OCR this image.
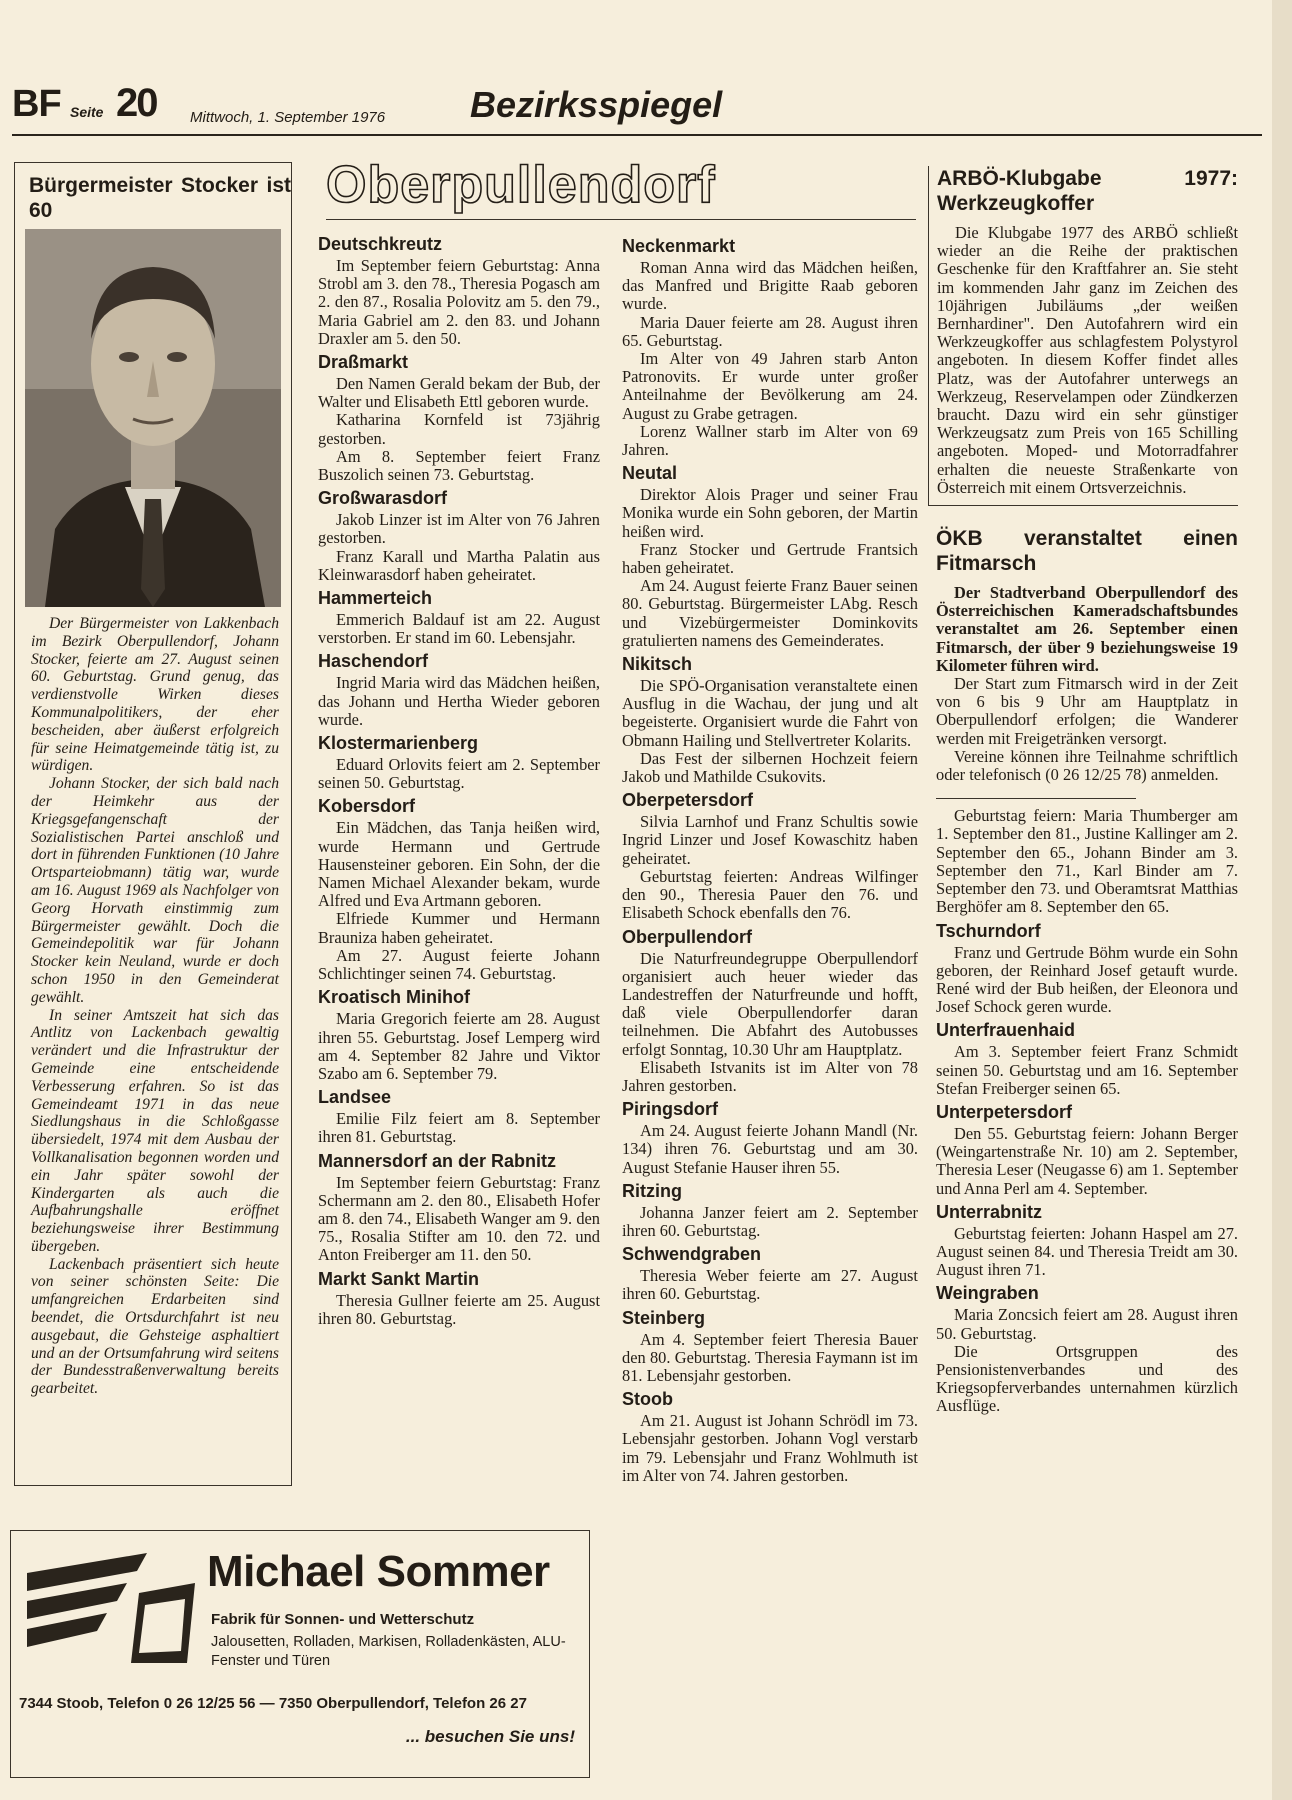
BF Seite 20 Mittwoch, 1. September 1976 Bezirksspiegel
Bürgermeister Stocker ist 60

Der Bürgermeister von Lakkenbach im Bezirk Oberpullendorf, Johann Stocker, feierte am 27. August seinen 60. Geburtstag. Grund genug, das verdienstvolle Wirken dieses Kommunalpolitikers, der eher bescheiden, aber äußerst erfolgreich für seine Heimatgemeinde tätig ist, zu würdigen.

Johann Stocker, der sich bald nach der Heimkehr aus der Kriegsgefangenschaft der Sozialistischen Partei anschloß und dort in führenden Funktionen (10 Jahre Ortsparteiobmann) tätig war, wurde am 16. August 1969 als Nachfolger von Georg Horvath einstimmig zum Bürgermeister gewählt. Doch die Gemeindepolitik war für Johann Stocker kein Neuland, wurde er doch schon 1950 in den Gemeinderat gewählt.

In seiner Amtszeit hat sich das Antlitz von Lackenbach gewaltig verändert und die Infrastruktur der Gemeinde eine entscheidende Verbesserung erfahren. So ist das Gemeindeamt 1971 in das neue Siedlungshaus in die Schloßgasse übersiedelt, 1974 mit dem Ausbau der Vollkanalisation begonnen worden und ein Jahr später sowohl der Kindergarten als auch die Aufbahrungshalle eröffnet beziehungsweise ihrer Bestimmung übergeben.

Lackenbach präsentiert sich heute von seiner schönsten Seite: Die umfangreichen Erdarbeiten sind beendet, die Ortsdurchfahrt ist neu ausgebaut, die Gehsteige asphaltiert und an der Ortsumfahrung wird seitens der Bundesstraßenverwaltung bereits gearbeitet.

Oberpullendorf
Deutschkreutz

Im September feiern Geburtstag: Anna Strobl am 3. den 78., Theresia Pogasch am 2. den 87., Rosalia Polovitz am 5. den 79., Maria Gabriel am 2. den 83. und Johann Draxler am 5. den 50.

Draßmarkt

Den Namen Gerald bekam der Bub, der Walter und Elisabeth Ettl geboren wurde.

Katharina Kornfeld ist 73jährig gestorben.

Am 8. September feiert Franz Buszolich seinen 73. Geburtstag.

Großwarasdorf

Jakob Linzer ist im Alter von 76 Jahren gestorben.

Franz Karall und Martha Palatin aus Kleinwarasdorf haben geheiratet.

Hammerteich

Emmerich Baldauf ist am 22. August verstorben. Er stand im 60. Lebensjahr.

Haschendorf

Ingrid Maria wird das Mädchen heißen, das Johann und Hertha Wieder geboren wurde.

Klostermarienberg

Eduard Orlovits feiert am 2. September seinen 50. Geburtstag.

Kobersdorf

Ein Mädchen, das Tanja heißen wird, wurde Hermann und Gertrude Hausensteiner geboren. Ein Sohn, der die Namen Michael Alexander bekam, wurde Alfred und Eva Artmann geboren.

Elfriede Kummer und Hermann Brauniza haben geheiratet.

Am 27. August feierte Johann Schlichtinger seinen 74. Geburtstag.

Kroatisch Minihof

Maria Gregorich feierte am 28. August ihren 55. Geburtstag. Josef Lemperg wird am 4. September 82 Jahre und Viktor Szabo am 6. September 79.

Landsee

Emilie Filz feiert am 8. September ihren 81. Geburtstag.

Mannersdorf an der Rabnitz

Im September feiern Geburtstag: Franz Schermann am 2. den 80., Elisabeth Hofer am 8. den 74., Elisabeth Wanger am 9. den 75., Rosalia Stifter am 10. den 72. und Anton Freiberger am 11. den 50.

Markt Sankt Martin

Theresia Gullner feierte am 25. August ihren 80. Geburtstag.

Neckenmarkt

Roman Anna wird das Mädchen heißen, das Manfred und Brigitte Raab geboren wurde.

Maria Dauer feierte am 28. August ihren 65. Geburtstag.

Im Alter von 49 Jahren starb Anton Patronovits. Er wurde unter großer Anteilnahme der Bevölkerung am 24. August zu Grabe getragen.

Lorenz Wallner starb im Alter von 69 Jahren.

Neutal

Direktor Alois Prager und seiner Frau Monika wurde ein Sohn geboren, der Martin heißen wird.

Franz Stocker und Gertrude Frantsich haben geheiratet.

Am 24. August feierte Franz Bauer seinen 80. Geburtstag. Bürgermeister LAbg. Resch und Vizebürgermeister Dominkovits gratulierten namens des Gemeinderates.

Nikitsch

Die SPÖ-Organisation veranstaltete einen Ausflug in die Wachau, der jung und alt begeisterte. Organisiert wurde die Fahrt von Obmann Hailing und Stellvertreter Kolarits.

Das Fest der silbernen Hochzeit feiern Jakob und Mathilde Csukovits.

Oberpetersdorf

Silvia Larnhof und Franz Schultis sowie Ingrid Linzer und Josef Kowaschitz haben geheiratet.

Geburtstag feierten: Andreas Wilfinger den 90., Theresia Pauer den 76. und Elisabeth Schock ebenfalls den 76.

Oberpullendorf

Die Naturfreundegruppe Oberpullendorf organisiert auch heuer wieder das Landestreffen der Naturfreunde und hofft, daß viele Oberpullendorfer daran teilnehmen. Die Abfahrt des Autobusses erfolgt Sonntag, 10.30 Uhr am Hauptplatz.

Elisabeth Istvanits ist im Alter von 78 Jahren gestorben.

Piringsdorf

Am 24. August feierte Johann Mandl (Nr. 134) ihren 76. Geburtstag und am 30. August Stefanie Hauser ihren 55.

Ritzing

Johanna Janzer feiert am 2. September ihren 60. Geburtstag.

Schwendgraben

Theresia Weber feierte am 27. August ihren 60. Geburtstag.

Steinberg

Am 4. September feiert Theresia Bauer den 80. Geburtstag. Theresia Faymann ist im 81. Lebensjahr gestorben.

Stoob

Am 21. August ist Johann Schrödl im 73. Lebensjahr gestorben. Johann Vogl verstarb im 79. Lebensjahr und Franz Wohlmuth ist im Alter von 74. Jahren gestorben.

ARBÖ-Klubgabe 1977: Werkzeugkoffer

Die Klubgabe 1977 des ARBÖ schließt wieder an die Reihe der praktischen Geschenke für den Kraftfahrer an. Sie steht im kommenden Jahr ganz im Zeichen des 10jährigen Jubiläums „der weißen Bernhardiner". Den Autofahrern wird ein Werkzeugkoffer aus schlagfestem Polystyrol angeboten. In diesem Koffer findet alles Platz, was der Autofahrer unterwegs an Werkzeug, Reservelampen oder Zündkerzen braucht. Dazu wird ein sehr günstiger Werkzeugsatz zum Preis von 165 Schilling angeboten. Moped- und Motorradfahrer erhalten die neueste Straßenkarte von Österreich mit einem Ortsverzeichnis.

ÖKB veranstaltet einen Fitmarsch

Der Stadtverband Oberpullendorf des Österreichischen Kameradschaftsbundes veranstaltet am 26. September einen Fitmarsch, der über 9 beziehungsweise 19 Kilometer führen wird.

Der Start zum Fitmarsch wird in der Zeit von 6 bis 9 Uhr am Hauptplatz in Oberpullendorf erfolgen; die Wanderer werden mit Freigetränken versorgt.

Vereine können ihre Teilnahme schriftlich oder telefonisch (0 26 12/25 78) anmelden.

Geburtstag feiern: Maria Thumberger am 1. September den 81., Justine Kallinger am 2. September den 65., Johann Binder am 3. September den 71., Karl Binder am 7. September den 73. und Oberamtsrat Matthias Berghöfer am 8. September den 65.

Tschurndorf

Franz und Gertrude Böhm wurde ein Sohn geboren, der Reinhard Josef getauft wurde. René wird der Bub heißen, der Eleonora und Josef Schock geren wurde.

Unterfrauenhaid

Am 3. September feiert Franz Schmidt seinen 50. Geburtstag und am 16. September Stefan Freiberger seinen 65.

Unterpetersdorf

Den 55. Geburtstag feiern: Johann Berger (Weingartenstraße Nr. 10) am 2. September, Theresia Leser (Neugasse 6) am 1. September und Anna Perl am 4. September.

Unterrabnitz

Geburtstag feierten: Johann Haspel am 27. August seinen 84. und Theresia Treidt am 30. August ihren 71.

Weingraben

Maria Zoncsich feiert am 28. August ihren 50. Geburtstag.

Die Ortsgruppen des Pensionistenverbandes und des Kriegsopferverbandes unternahmen kürzlich Ausflüge.

Michael Sommer
Fabrik für Sonnen- und Wetterschutz
Jalousetten, Rolladen, Markisen, Rolladenkästen, ALU-Fenster und Türen
7344 Stoob, Telefon 0 26 12/25 56 — 7350 Oberpullendorf, Telefon 26 27
... besuchen Sie uns!
